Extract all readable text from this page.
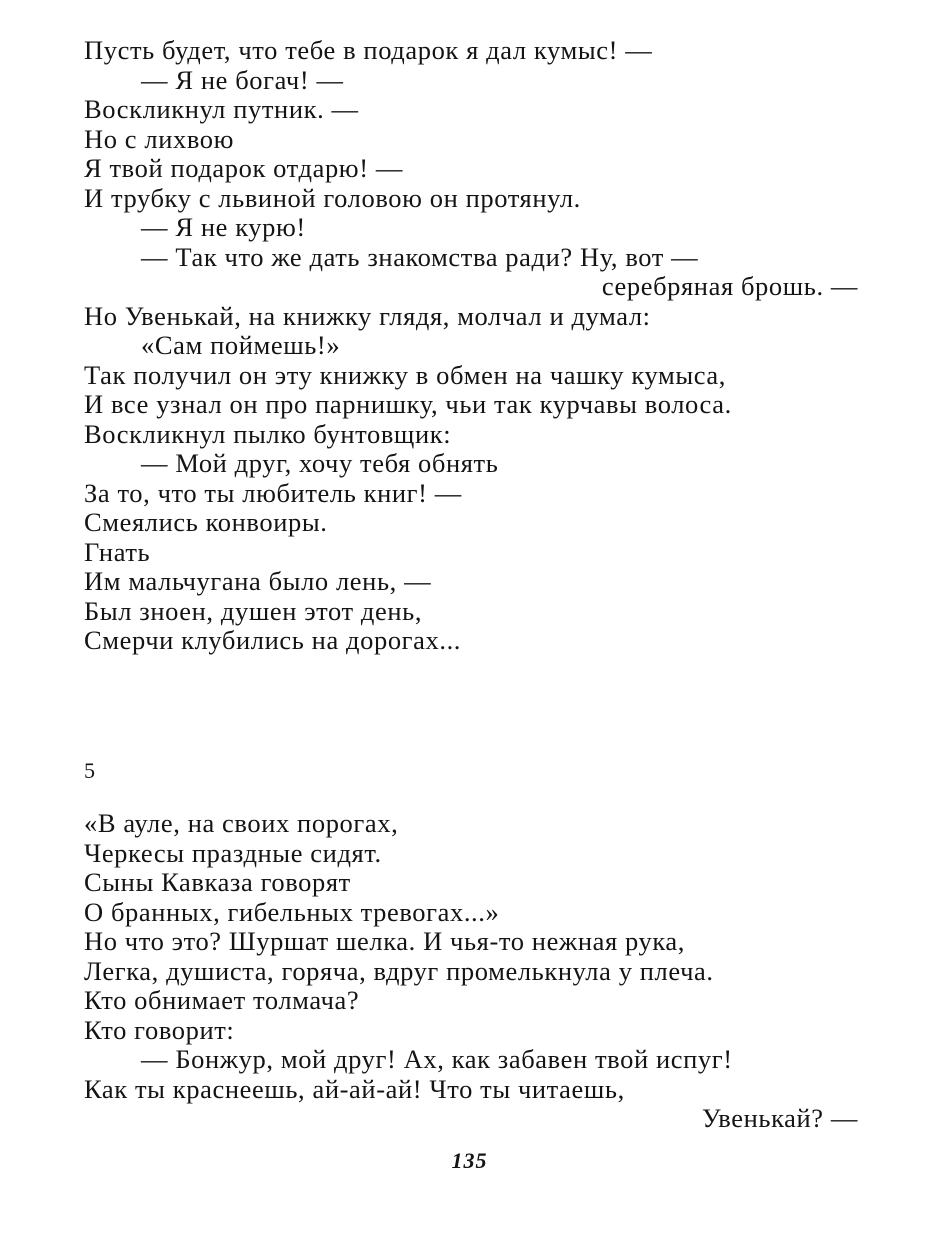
Пусть будет, что тебе в подарок я дал кумыс! —
— Я не богач! —
Воскликнул путник. —
Но с лихвою
Я твой подарок отдарю! —
И трубку с львиной головою он протянул.
— Я не курю!
— Так что же дать знакомства ради? Ну, вот —
серебряная брошь. —
Но Увенькай, на книжку глядя, молчал и думал:
«Сам поймешь!»
Так получил он эту книжку в обмен на чашку кумыса,
И все узнал он про парнишку, чьи так курчавы волоса.
Воскликнул пылко бунтовщик:
— Мой друг, хочу тебя обнять
За то, что ты любитель книг! —
Смеялись конвоиры.
Гнать
Им мальчугана было лень, —
Был зноен, душен этот день,
Смерчи клубились на дорогах...
5
«В ауле, на своих порогах,
Черкесы праздные сидят.
Сыны Кавказа говорят
О бранных, гибельных тревогах...»
Но что это? Шуршат шелка. И чья-то нежная рука,
Легка, душиста, горяча, вдруг промелькнула у плеча.
Кто обнимает толмача?
Кто говорит:
— Бонжур, мой друг! Ах, как забавен твой испуг!
Как ты краснеешь, ай-ай-ай! Что ты читаешь,
Увенькай? —
135
